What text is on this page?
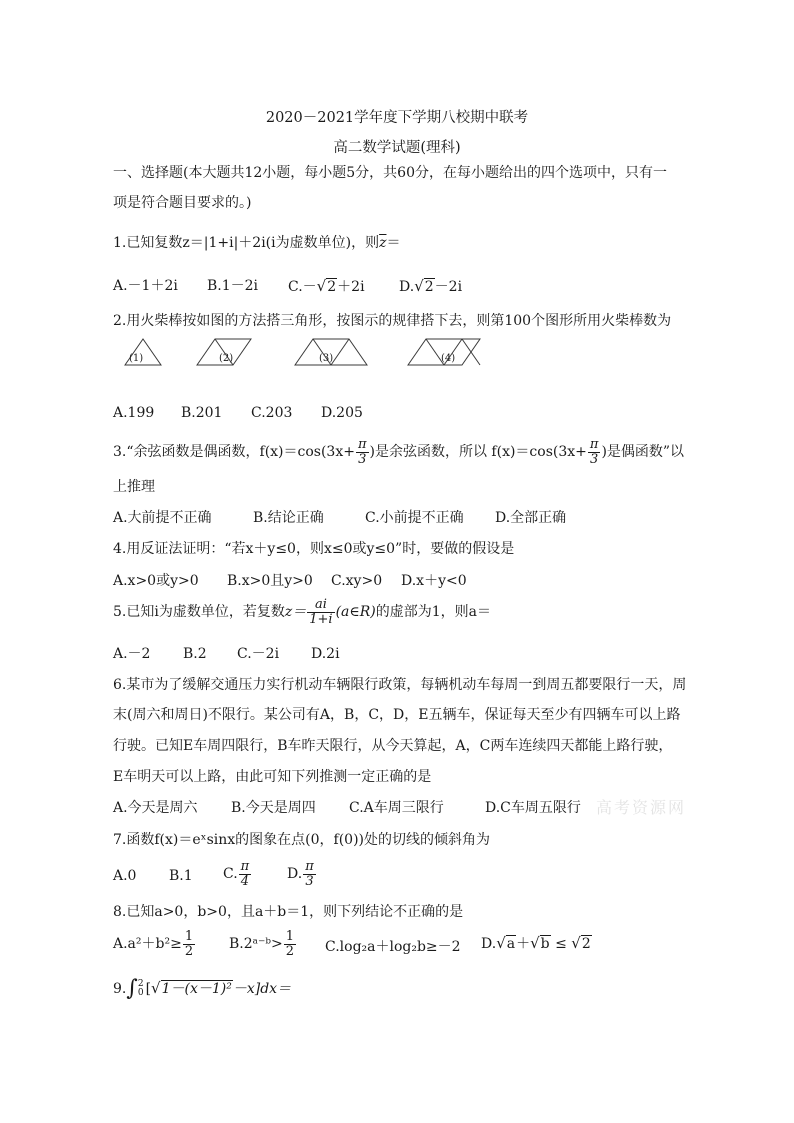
2020－2021学年度下学期八校期中联考
高二数学试题(理科)
一、选择题(本大题共12小题，每小题5分，共60分，在每小题给出的四个选项中，只有一
项是符合题目要求的。)
1.已知复数z＝|1+i|＋2i(i为虚数单位)，则$\overline{z}=$
A.－1＋2i B.1－2i C.－√2＋2i D.√2－2i
2.用火柴棒按如图的方法搭三角形，按图示的规律搭下去，则第100个图形所用火柴棒数为
(1)	(2)	(3)	(4)
A.199 B.201 C.203 D.205
3.“余弦函数是偶函数，$f(x)=\cos(3x+ \frac{\pi}{3}$ )是余弦函数，所以 $f(x)=\cos(3x+ \frac{\pi}{3}$ )是偶函数”以
上推理
A.大前提不正确	B.结论正确	C.小前提不正确 D.全部正确
4.用反证法证明：“若x＋y≤0，则x≤0或y≤0”时，要做的假设是
A.x>0或y>0 B.x>0且y>0 C.xy>0 D.x＋y<0
5.已知i为虚数单位，若复数$z= \frac{ai}{1+i}$ (a∈R)的虚部为1，则a＝
A.－2 B.2 C.－2i D.2i
6.某市为了缓解交通压力实行机动车辆限行政策，每辆机动车每周一到周五都要限行一天，周
末(周六和周日)不限行。某公司有A，B，C，D，E五辆车，保证每天至少有四辆车可以上路
行驶。已知E车周四限行，B车昨天限行，从今天算起，A，C两车连续四天都能上路行驶，
E车明天可以上路，由此可知下列推测一定正确的是
A.今天是周六 B.今天是周四 C.A车周三限行	D.C车周五限行 高考资源网
7.函数f(x)＝eˣsinx的图象在点(0，f(0))处的切线的倾斜角为
A.0 B.1 C. $\frac{\pi}{4}$	D. $\frac{\pi}{3}$
8.已知a>0，b>0，且a＋b＝1，则下列结论不正确的是
$A.a^2+b^2\ge \frac{1}{2}$ B.2ᵃ⁻ᵇ> $\frac{1}{2} C.\log_2a+\log_2b\ge-2$ D.√a＋√b ≤ √2
9.∫ 2
0 [√1－(x－1)²－x]dx＝
